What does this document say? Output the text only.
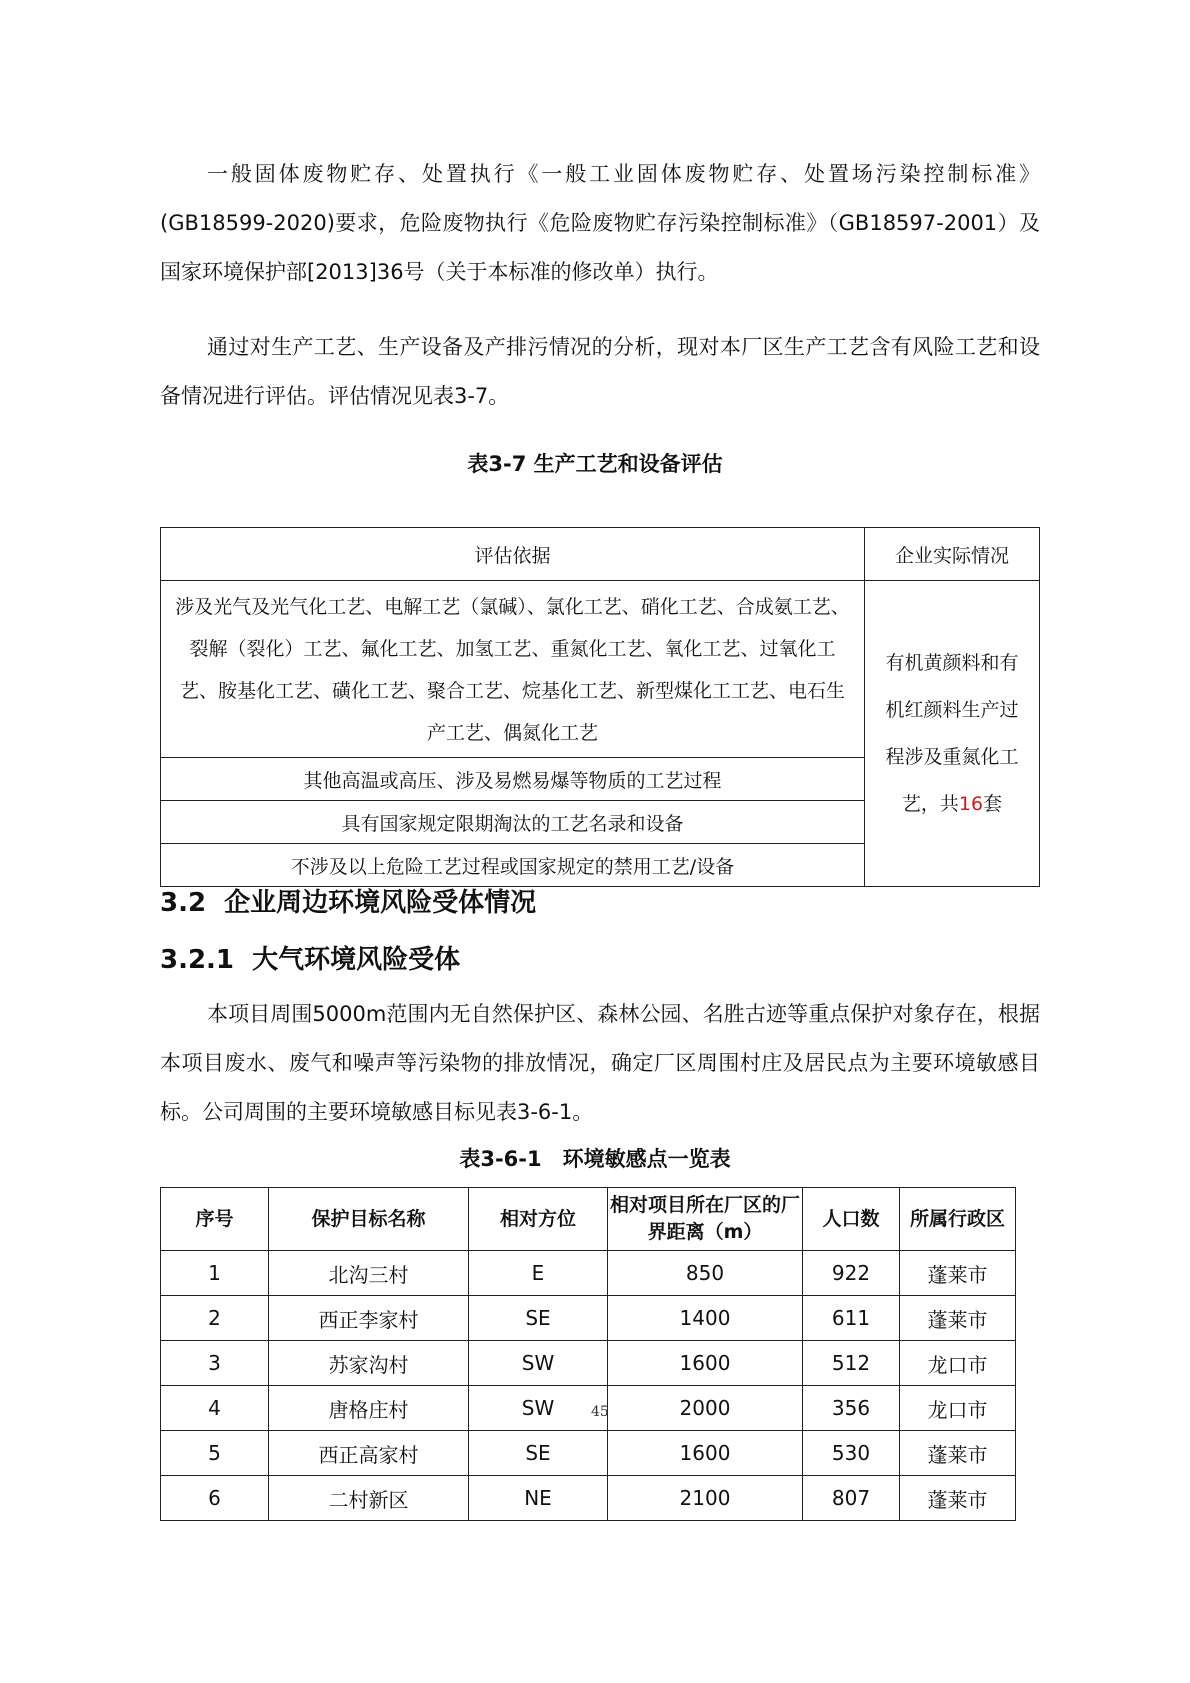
一般固体废物贮存、处置执行《一般工业固体废物贮存、处置场污染控制标准》(GB18599-2020)要求，危险废物执行《危险废物贮存污染控制标准》（GB18597-2001）及国家环境保护部[2013]36号（关于本标准的修改单）执行。

通过对生产工艺、生产设备及产排污情况的分析，现对本厂区生产工艺含有风险工艺和设备情况进行评估。评估情况见表3-7。

表3-7 生产工艺和设备评估

评估依据	企业实际情况
涉及光气及光气化工艺、电解工艺（氯碱）、氯化工艺、硝化工艺、合成氨工艺、裂解（裂化）工艺、氟化工艺、加氢工艺、重氮化工艺、氧化工艺、过氧化工艺、胺基化工艺、磺化工艺、聚合工艺、烷基化工艺、新型煤化工工艺、电石生产工艺、偶氮化工艺	有机黄颜料和有机红颜料生产过程涉及重氮化工艺，共16套
其他高温或高压、涉及易燃易爆等物质的工艺过程	
具有国家规定限期淘汰的工艺名录和设备	
不涉及以上危险工艺过程或国家规定的禁用工艺/设备	
3.2 企业周边环境风险受体情况
3.2.1 大气环境风险受体

本项目周围5000m范围内无自然保护区、森林公园、名胜古迹等重点保护对象存在，根据本项目废水、废气和噪声等污染物的排放情况，确定厂区周围村庄及居民点为主要环境敏感目标。公司周围的主要环境敏感目标见表3-6-1。

表3-6-1　环境敏感点一览表

序号	保护目标名称	相对方位	相对项目所在厂区的厂界距离（m）	人口数	所属行政区
1	北沟三村	E	850	922	蓬莱市
2	西正李家村	SE	1400	611	蓬莱市
3	苏家沟村	SW	1600	512	龙口市
4	唐格庄村	SW	2000	356	龙口市
5	西正高家村	SE	1600	530	蓬莱市
6	二村新区	NE	2100	807	蓬莱市
45
